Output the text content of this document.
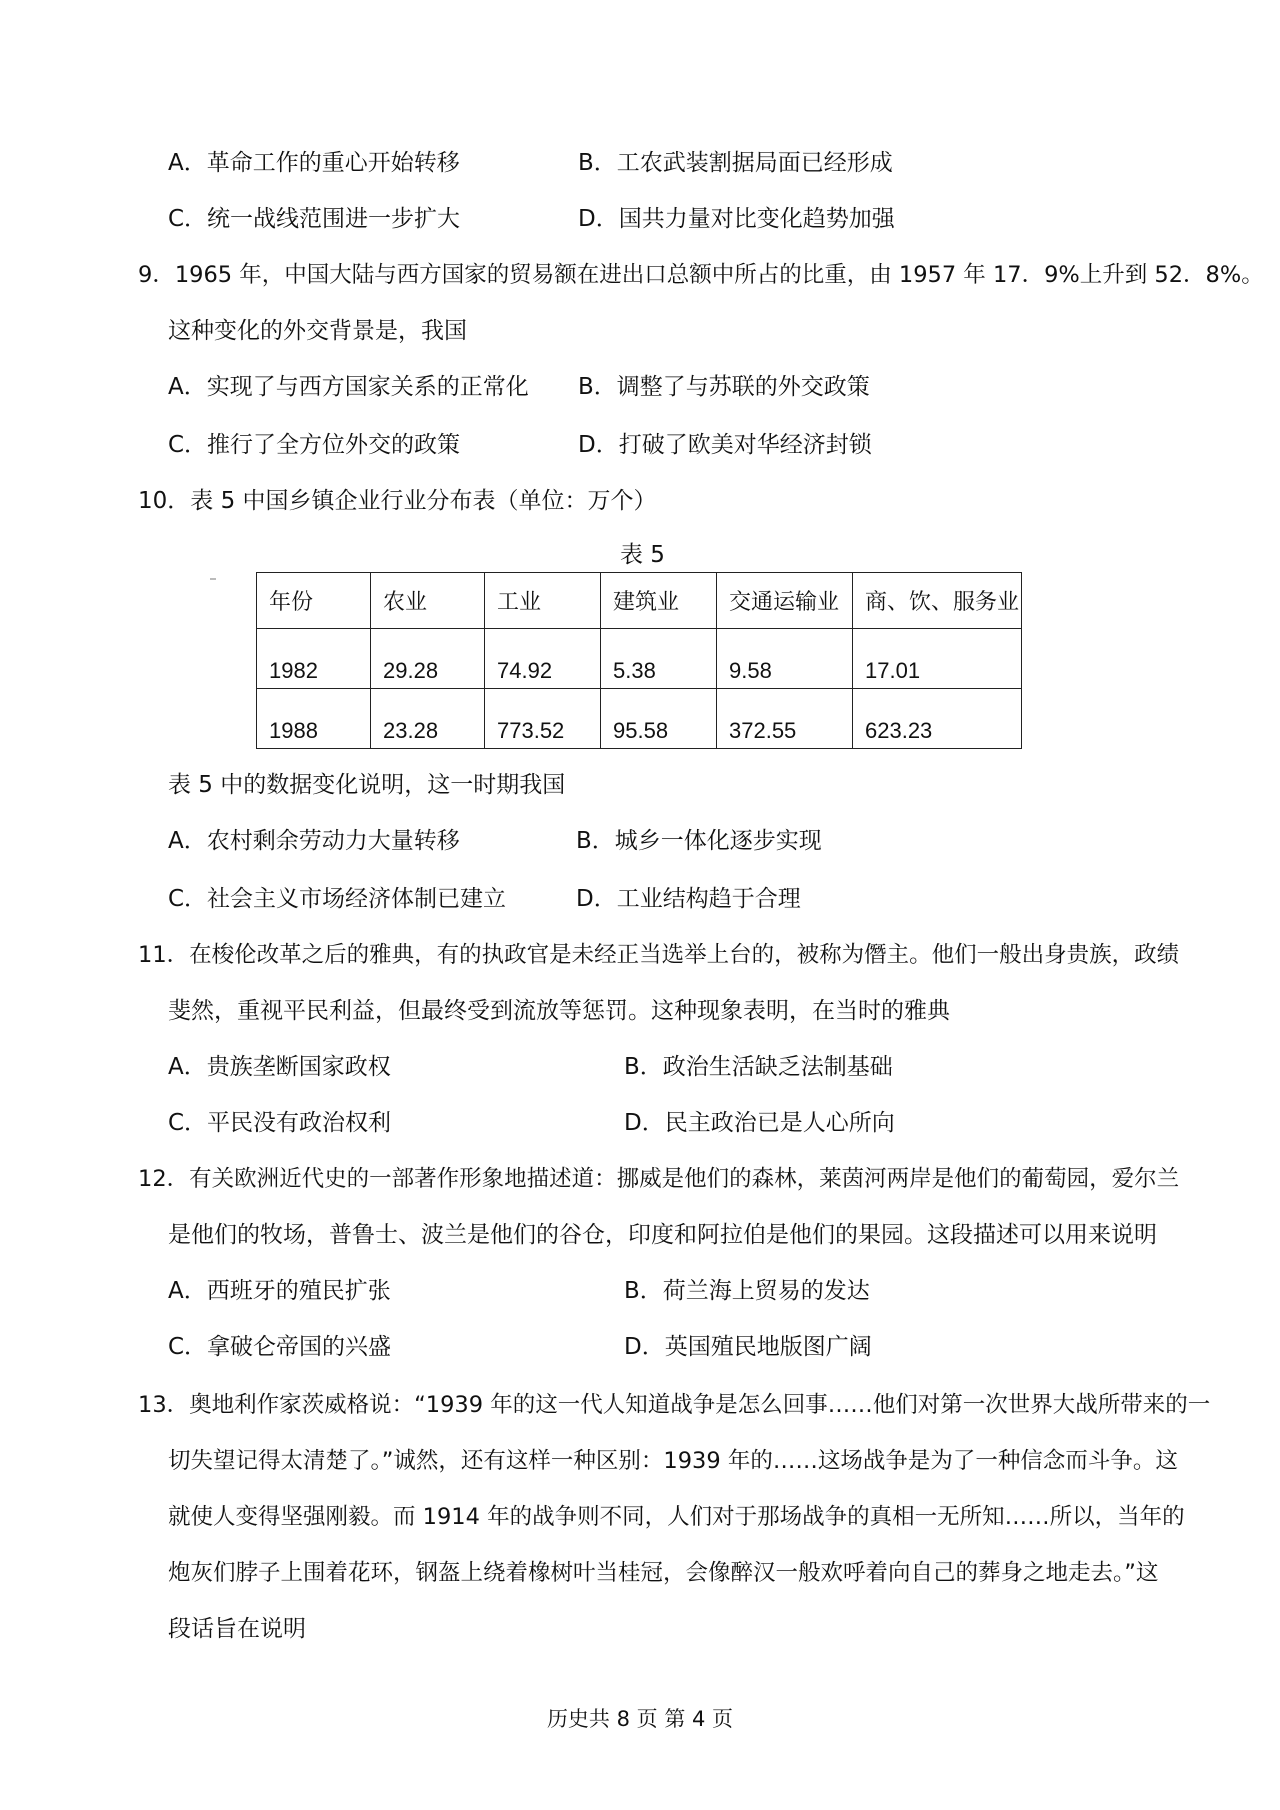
A．革命工作的重心开始转移	B．工农武装割据局面已经形成
C．统一战线范围进一步扩大	D．国共力量对比变化趋势加强
9．1965 年，中国大陆与西方国家的贸易额在进出口总额中所占的比重，由 1957 年 17．9%上升到 52．8%。
这种变化的外交背景是，我国
A．实现了与西方国家关系的正常化 B．调整了与苏联的外交政策
C．推行了全方位外交的政策	D．打破了欧美对华经济封锁
10．表 5 中国乡镇企业行业分布表（单位：万个）
表 5
年份	农业	工业	建筑业	交通运输业	商、饮、服务业
1982	29.28	74.92	5.38	9.58	17.01
1988	23.28	773.52	95.58	372.55	623.23
表 5 中的数据变化说明，这一时期我国
A．农村剩余劳动力大量转移	B．城乡一体化逐步实现
C．社会主义市场经济体制已建立	D．工业结构趋于合理
11．在梭伦改革之后的雅典，有的执政官是未经正当选举上台的，被称为僭主。他们一般出身贵族，政绩
斐然，重视平民利益，但最终受到流放等惩罚。这种现象表明，在当时的雅典
A．贵族垄断国家政权	B．政治生活缺乏法制基础
C．平民没有政治权利	D．民主政治已是人心所向
12．有关欧洲近代史的一部著作形象地描述道：挪威是他们的森林，莱茵河两岸是他们的葡萄园，爱尔兰
是他们的牧场，普鲁士、波兰是他们的谷仓，印度和阿拉伯是他们的果园。这段描述可以用来说明
A．西班牙的殖民扩张	B．荷兰海上贸易的发达
C．拿破仑帝国的兴盛	D．英国殖民地版图广阔
13．奥地利作家茨威格说：“1939 年的这一代人知道战争是怎么回事……他们对第一次世界大战所带来的一
切失望记得太清楚了。”诚然，还有这样一种区别：1939 年的……这场战争是为了一种信念而斗争。这
就使人变得坚强刚毅。而 1914 年的战争则不同，人们对于那场战争的真相一无所知……所以，当年的
炮灰们脖子上围着花环，钢盔上绕着橡树叶当桂冠，会像醉汉一般欢呼着向自己的葬身之地走去。”这
段话旨在说明
历史共 8 页 第 4 页
